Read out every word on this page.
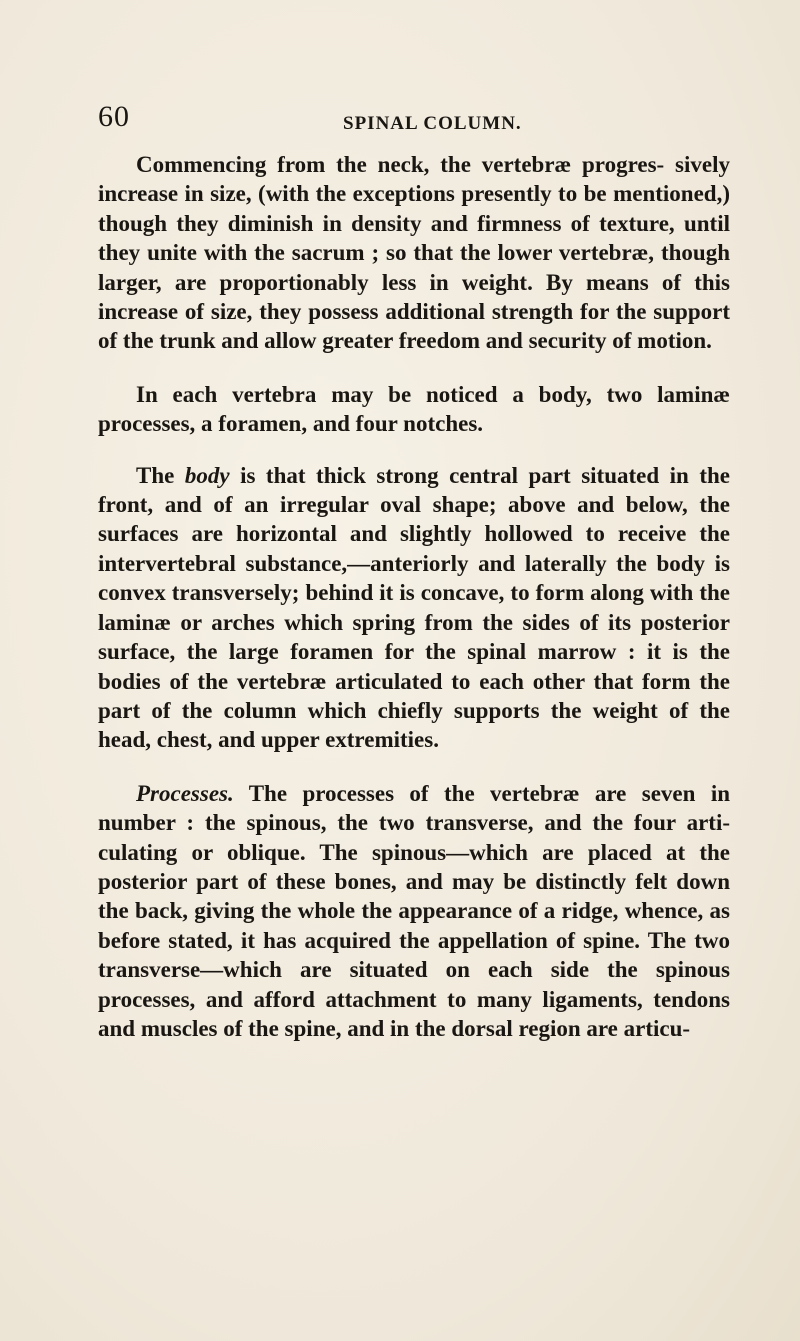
60	SPINAL COLUMN.

Commencing from the neck, the vertebræ progres- sively increase in size, (with the exceptions presently to be mentioned,) though they diminish in density and firmness of texture, until they unite with the sacrum ; so that the lower vertebræ, though larger, are proportionably less in weight. By means of this increase of size, they possess additional strength for the support of the trunk and allow greater freedom and security of motion.

In each vertebra may be noticed a body, two laminæ processes, a foramen, and four notches.

The body is that thick strong central part situated in the front, and of an irregular oval shape; above and below, the surfaces are horizontal and slightly hollowed to receive the intervertebral substance,—anteriorly and laterally the body is convex transversely; behind it is concave, to form along with the laminæ or arches which spring from the sides of its posterior surface, the large foramen for the spinal marrow : it is the bodies of the vertebræ articulated to each other that form the part of the column which chiefly supports the weight of the head, chest, and upper extremities.

Processes. The processes of the vertebræ are seven in number : the spinous, the two transverse, and the four arti- culating or oblique. The spinous—which are placed at the posterior part of these bones, and may be distinctly felt down the back, giving the whole the appearance of a ridge, whence, as before stated, it has acquired the appellation of spine. The two transverse—which are situated on each side the spinous processes, and afford attachment to many ligaments, tendons and muscles of the spine, and in the dorsal region are articu-
